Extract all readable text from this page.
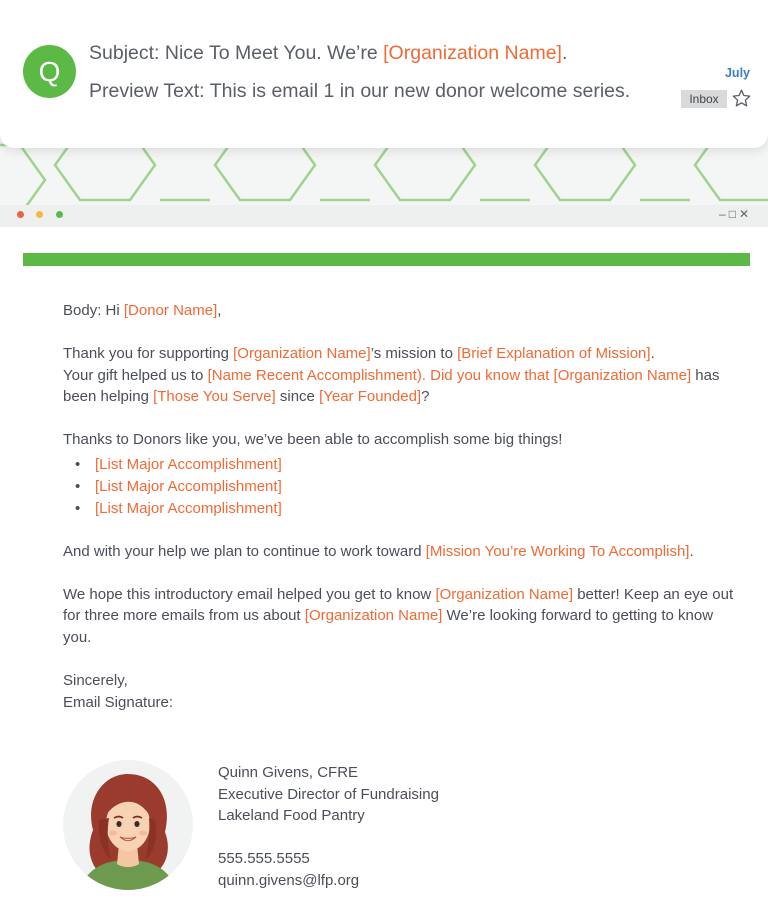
Q
Subject: Nice To Meet You. We’re [Organization Name].
Preview Text: This is email 1 in our new donor welcome series.
July
Inbox
–□✕

Body: Hi [Donor Name],

Thank you for supporting [Organization Name]’s mission to [Brief Explanation of Mission].
Your gift helped us to [Name Recent Accomplishment). Did you know that [Organization Name] has been helping [Those You Serve] since [Year Founded]?

Thanks to Donors like you, we’ve been able to accomplish some big things!

• [List Major Accomplishment]
• [List Major Accomplishment]
• [List Major Accomplishment]

And with your help we plan to continue to work toward [Mission You’re Working To Accomplish].

We hope this introductory email helped you get to know [Organization Name] better! Keep an eye out for three more emails from us about [Organization Name] We’re looking forward to getting to know you.

Sincerely,

Email Signature:

Quinn Givens, CFRE
Executive Director of Fundraising
Lakeland Food Pantry
555.555.5555
quinn.givens@lfp.org
